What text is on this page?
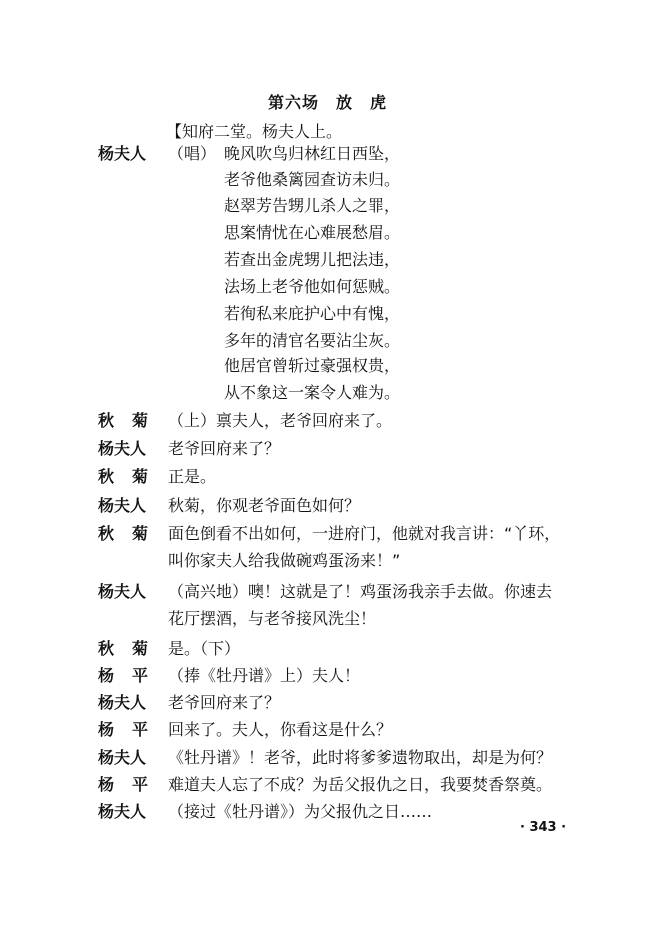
第六场　放　虎
【知府二堂。杨夫人上。
杨夫人 （唱） 晚风吹鸟归林红日西坠，
老爷他桑篱园查访未归。
赵翠芳告甥儿杀人之罪，
思案情忧在心难展愁眉。
若查出金虎甥儿把法违，
法场上老爷他如何惩贼。
若徇私来庇护心中有愧，
多年的清官名要沾尘灰。
他居官曾斩过豪强权贵，
从不象这一案令人难为。
秋菊 （上）禀夫人，老爷回府来了。
杨夫人 老爷回府来了？
秋菊 正是。
杨夫人 秋菊，你观老爷面色如何？
秋菊 面色倒看不出如何，一进府门，他就对我言讲：“丫环，
叫你家夫人给我做碗鸡蛋汤来！”
杨夫人 （高兴地）噢！这就是了！鸡蛋汤我亲手去做。你速去
花厅摆酒，与老爷接风洗尘！
秋菊 是。（下）
杨平 （捧《牡丹谱》上）夫人！
杨夫人 老爷回府来了？
杨平 回来了。夫人，你看这是什么？
杨夫人 《牡丹谱》！老爷，此时将爹爹遗物取出，却是为何？
杨平 难道夫人忘了不成？为岳父报仇之日，我要焚香祭奠。
杨夫人 （接过《牡丹谱》）为父报仇之日……
· 343 ·
